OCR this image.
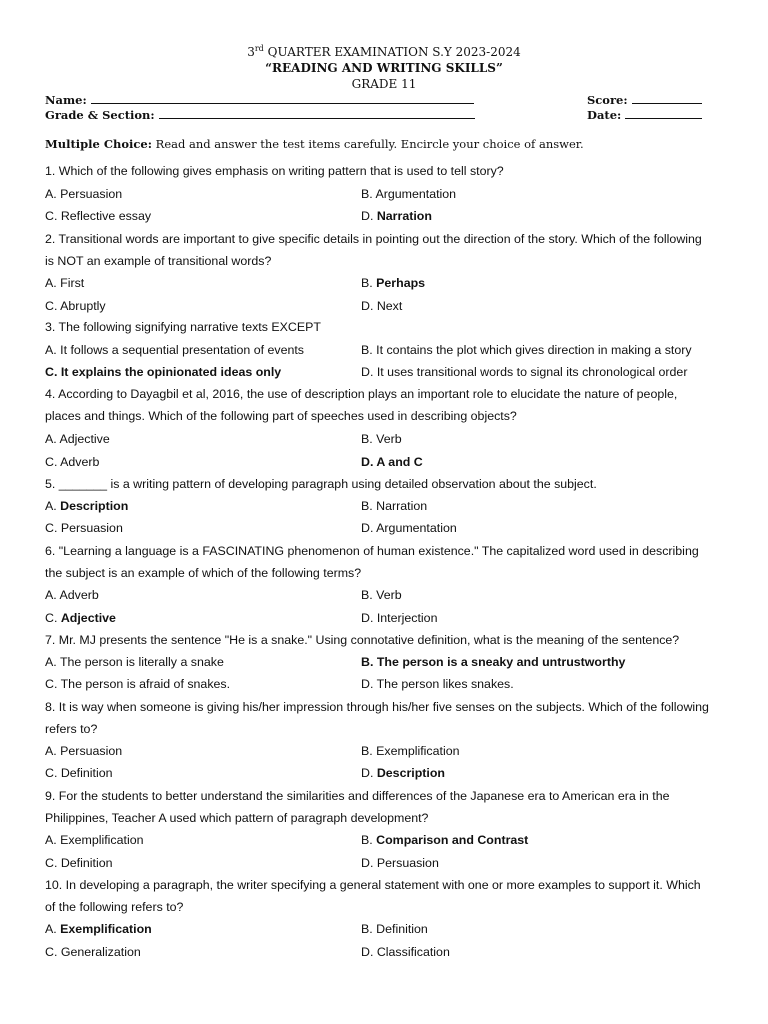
3rd QUARTER EXAMINATION S.Y 2023-2024
“READING AND WRITING SKILLS”
GRADE 11
Name:
Grade & Section:
Score:
Date:
Multiple Choice: Read and answer the test items carefully. Encircle your choice of answer.
1. Which of the following gives emphasis on writing pattern that is used to tell story?
A. Persuasion	B. Argumentation
C. Reflective essay	D. Narration
2. Transitional words are important to give specific details in pointing out the direction of the story. Which of the following
is NOT an example of transitional words?
A. First	B. Perhaps
C. Abruptly	D. Next
3. The following signifying narrative texts EXCEPT
A. It follows a sequential presentation of events	B. It contains the plot which gives direction in making a story
C. It explains the opinionated ideas only	D. It uses transitional words to signal its chronological order
4. According to Dayagbil et al, 2016, the use of description plays an important role to elucidate the nature of people,
places and things. Which of the following part of speeches used in describing objects?
A. Adjective	B. Verb
C. Adverb	D. A and C
5. _______ is a writing pattern of developing paragraph using detailed observation about the subject.
A. Description	B. Narration
C. Persuasion	D. Argumentation
6. "Learning a language is a FASCINATING phenomenon of human existence." The capitalized word used in describing
the subject is an example of which of the following terms?
A. Adverb	B. Verb
C. Adjective	D. Interjection
7. Mr. MJ presents the sentence "He is a snake." Using connotative definition, what is the meaning of the sentence?
A. The person is literally a snake	B. The person is a sneaky and untrustworthy
C. The person is afraid of snakes.	D. The person likes snakes.
8. It is way when someone is giving his/her impression through his/her five senses on the subjects. Which of the following
refers to?
A. Persuasion	B. Exemplification
C. Definition	D. Description
9. For the students to better understand the similarities and differences of the Japanese era to American era in the
Philippines, Teacher A used which pattern of paragraph development?
A. Exemplification	B. Comparison and Contrast
C. Definition	D. Persuasion
10. In developing a paragraph, the writer specifying a general statement with one or more examples to support it. Which
of the following refers to?
A. Exemplification	B. Definition
C. Generalization	D. Classification
